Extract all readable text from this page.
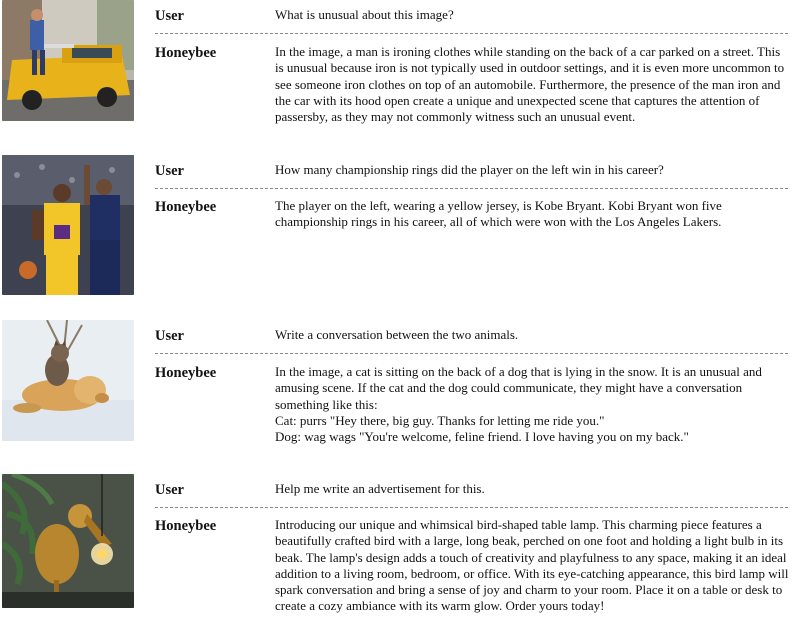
User	What is unusual about this image?
Honeybee	In the image, a man is ironing clothes while standing on the back of a car parked on a street. This is unusual because iron is not typically used in outdoor settings, and it is even more uncommon to see someone iron clothes on top of an automobile. Furthermore, the presence of the man iron and the car with its hood open create a unique and unexpected scene that captures the attention of passersby, as they may not commonly witness such an unusual event.
User	How many championship rings did the player on the left win in his career?
Honeybee	The player on the left, wearing a yellow jersey, is Kobe Bryant. Kobi Bryant won five championship rings in his career, all of which were won with the Los Angeles Lakers.
User	Write a conversation between the two animals.
Honeybee	In the image, a cat is sitting on the back of a dog that is lying in the snow. It is an unusual and amusing scene. If the cat and the dog could communicate, they might have a conversation something like this:
Cat: purrs "Hey there, big guy. Thanks for letting me ride you."
Dog: wag wags "You're welcome, feline friend. I love having you on my back."
User	Help me write an advertisement for this.
Honeybee	Introducing our unique and whimsical bird-shaped table lamp. This charming piece features a beautifully crafted bird with a large, long beak, perched on one foot and holding a light bulb in its beak. The lamp's design adds a touch of creativity and playfulness to any space, making it an ideal addition to a living room, bedroom, or office. With its eye-catching appearance, this bird lamp will spark conversation and bring a sense of joy and charm to your room. Place it on a table or desk to create a cozy ambiance with its warm glow. Order yours today!
